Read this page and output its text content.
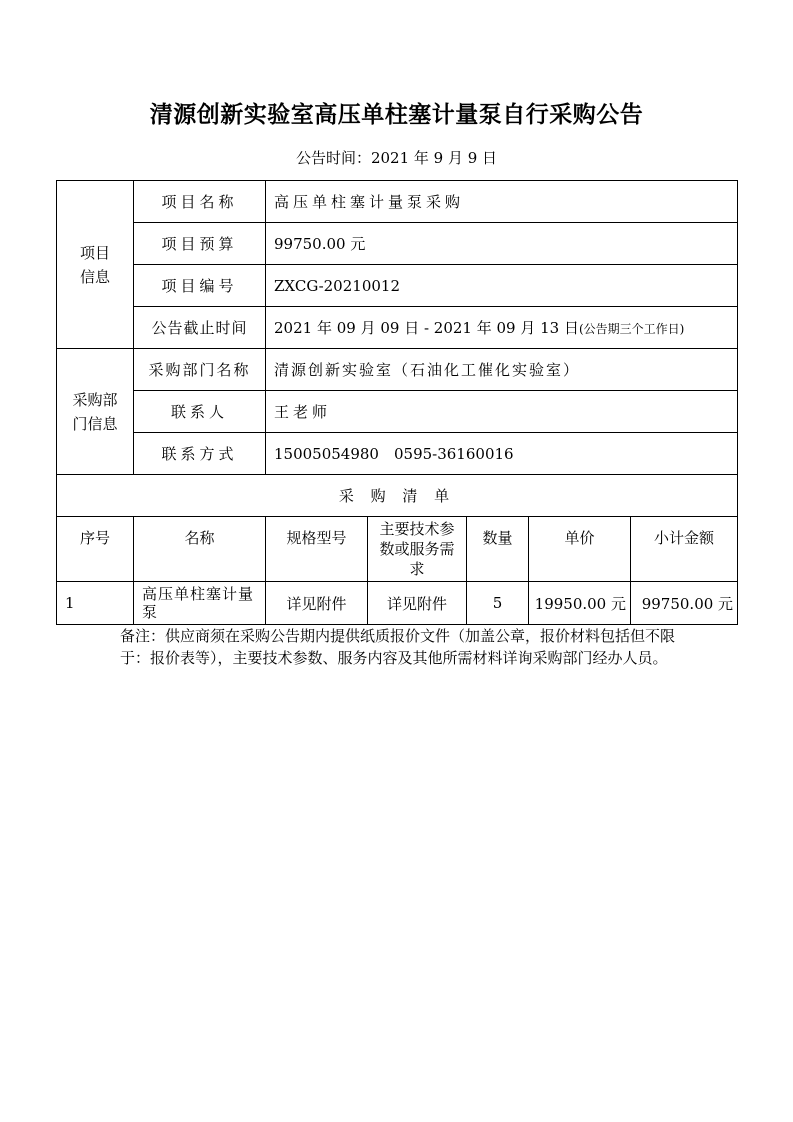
清源创新实验室高压单柱塞计量泵自行采购公告
公告时间：2021 年 9 月 9 日
项目
信息	项目名称	高压单柱塞计量泵采购				
	项目预算	99750.00 元				
	项目编号	ZXCG-20210012				
	公告截止时间	2021 年 09 月 09 日 - 2021 年 09 月 13 日(公告期三个工作日)				
采购部
门信息	采购部门名称	清源创新实验室（石油化工催化实验室）				
	联系人	王老师				
	联系方式	15005054980　0595-36160016				
采 购 清 单						
序号	名称	规格型号	主要技术参数或服务需求	数量	单价	小计金额
1	高压单柱塞计量泵	详见附件	详见附件	5	19950.00 元	99750.00 元
备注：供应商须在采购公告期内提供纸质报价文件（加盖公章，报价材料包括但不限于：报价表等），主要技术参数、服务内容及其他所需材料详询采购部门经办人员。
